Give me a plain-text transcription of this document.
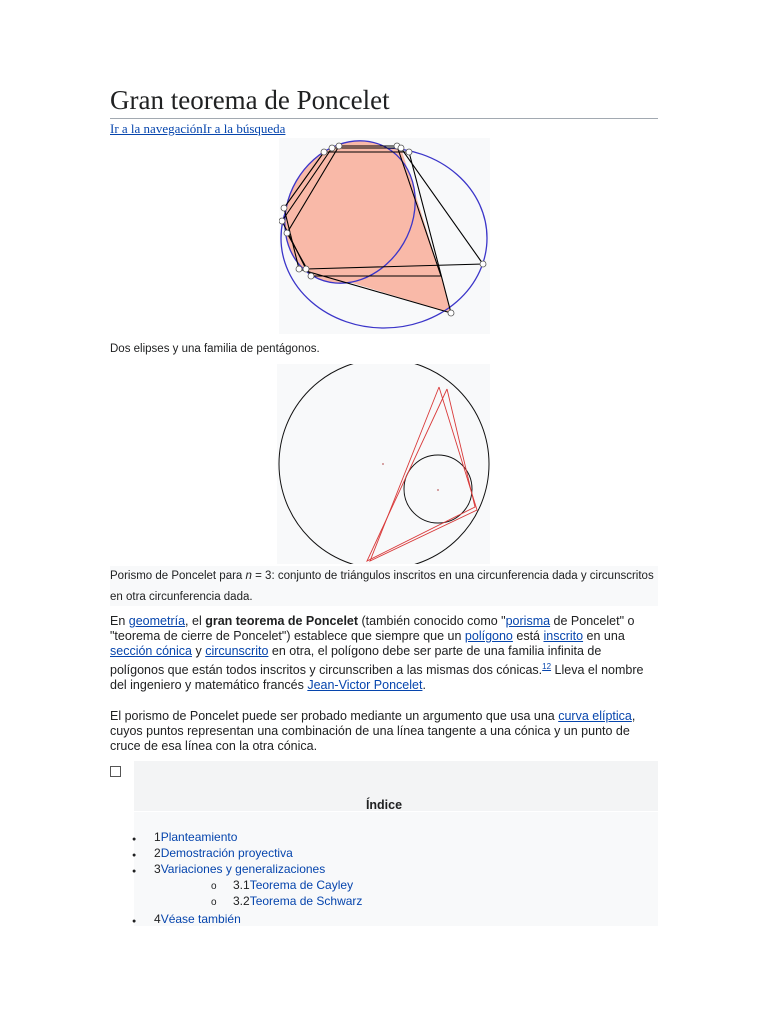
Gran teorema de Poncelet
Ir a la navegaciónIr a la búsqueda
Dos elipses y una familia de pentágonos.
Porismo de Poncelet para n = 3: conjunto de triángulos inscritos en una circunferencia dada y circunscritos en otra circunferencia dada.
En geometría, el gran teorema de Poncelet (también conocido como "porisma de Poncelet" o "teorema de cierre de Poncelet") establece que siempre que un polígono está inscrito en una sección cónica y circunscrito en otra, el polígono debe ser parte de una familia infinita de polígonos que están todos inscritos y circunscriben a las mismas dos cónicas.$^{12}$ Lleva el nombre del ingeniero y matemático francés Jean-Victor Poncelet.
El porismo de Poncelet puede ser probado mediante un argumento que usa una curva elíptica, cuyos puntos representan una combinación de una línea tangente a una cónica y un punto de cruce de esa línea con la otra cónica.
Índice
● 1Planteamiento
● 2Demostración proyectiva
● 3Variaciones y generalizaciones
o 3.1Teorema de Cayley
o 3.2Teorema de Schwarz
● 4Véase también
